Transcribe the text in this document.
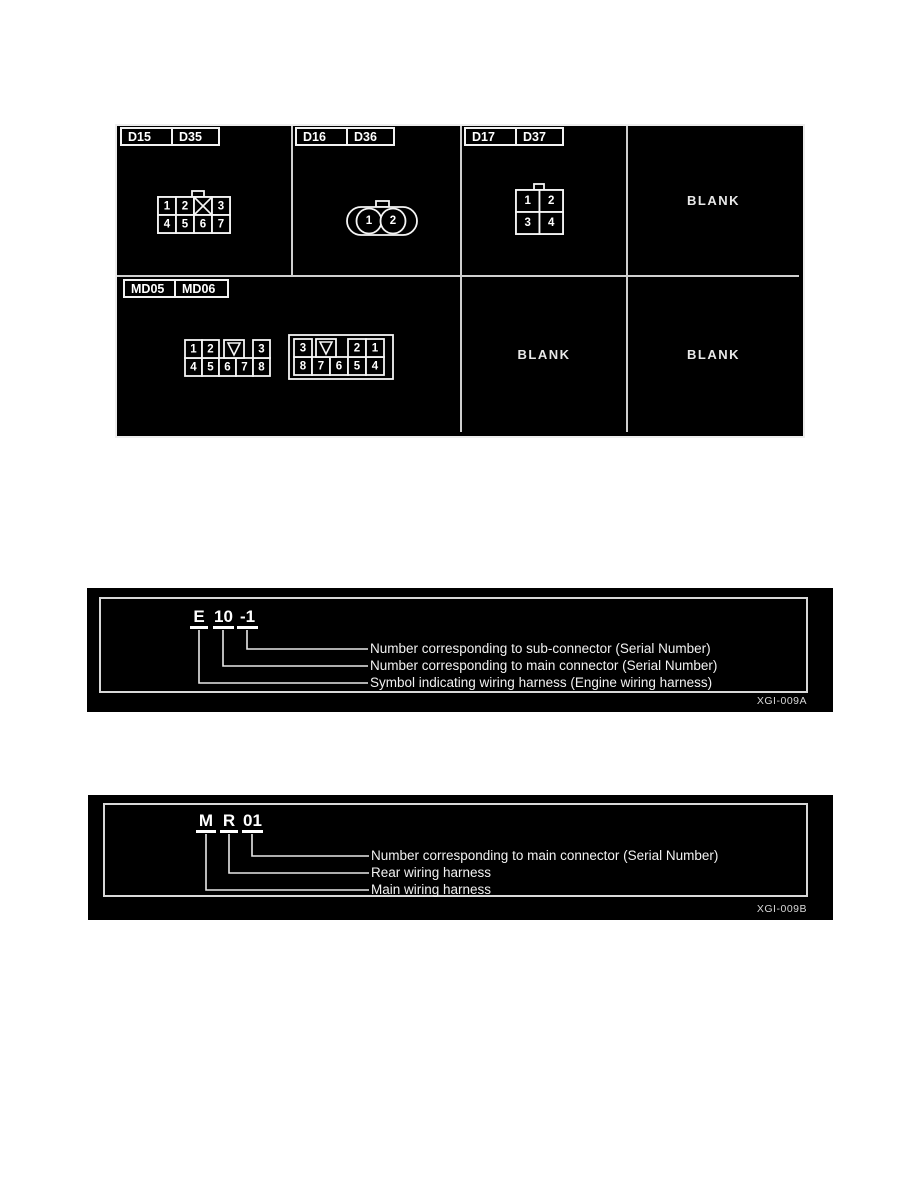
D15 D35
1 2	3
4 5 6 7
D16 D36
1 2
D17 D37
1 2
3 4
BLANK
MD05 MD06
1 2	3
4 5 6 7 8
3	2 1
8 7 6 5 4
BLANK	BLANK
E 10 -1
Number corresponding to sub-connector (Serial Number)
Number corresponding to main connector (Serial Number)
Symbol indicating wiring harness (Engine wiring harness)
XGI-009A
M R 01
Number corresponding to main connector (Serial Number)
Rear wiring harness
Main wiring harness
XGI-009B
